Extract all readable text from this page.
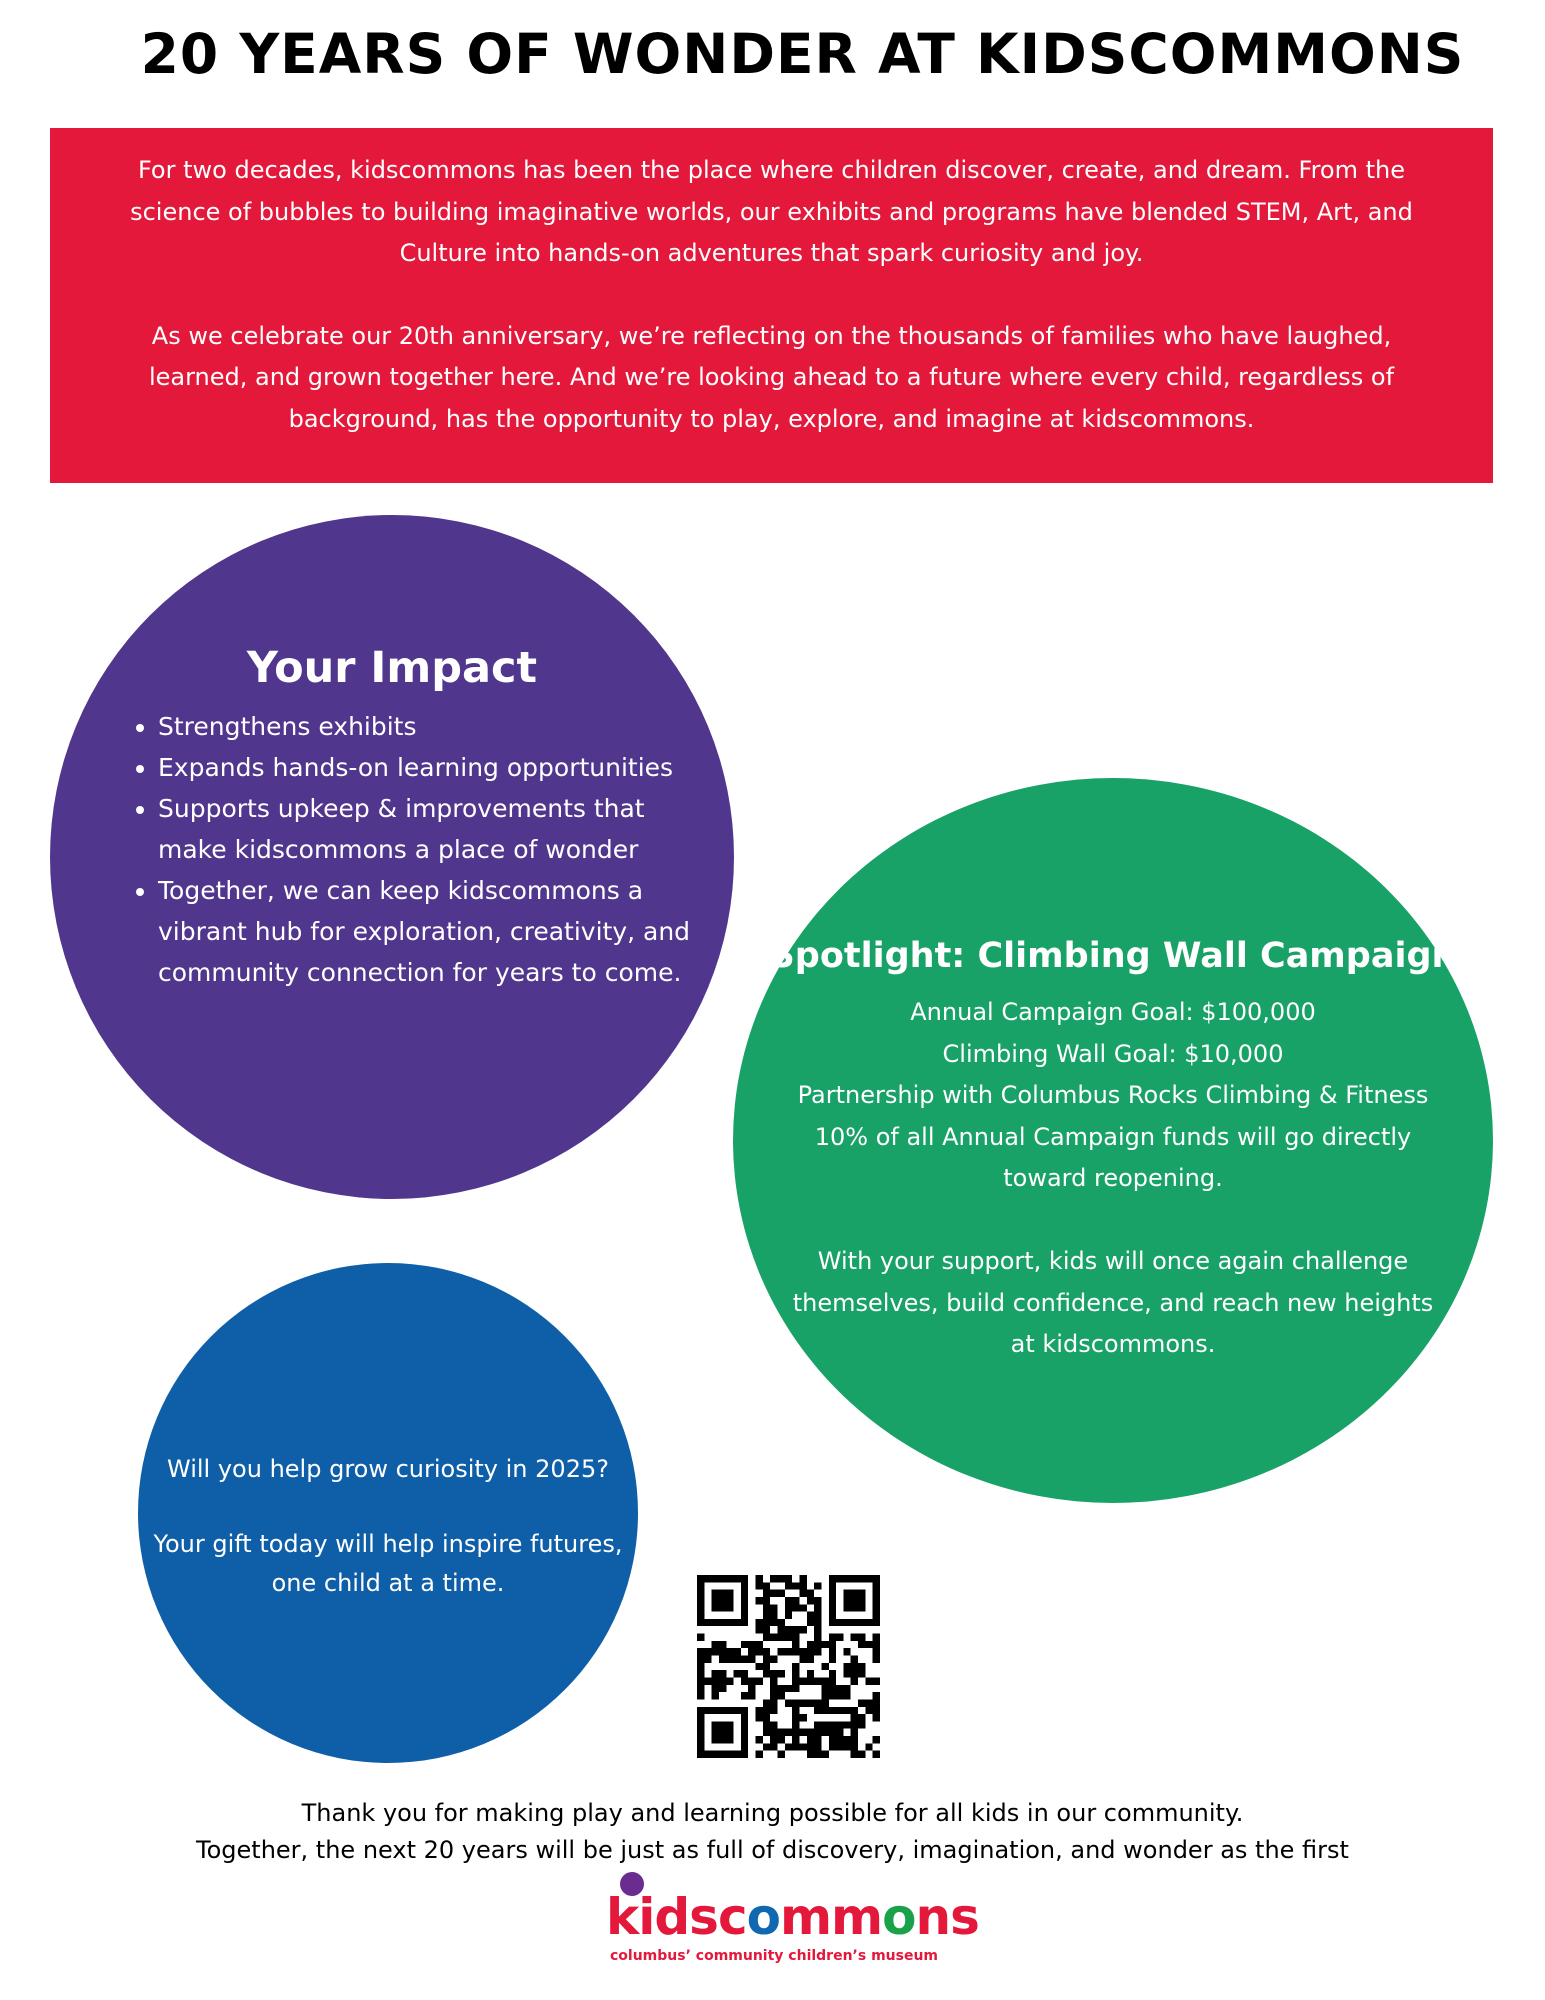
20 YEARS OF WONDER AT KIDSCOMMONS

For two decades, kidscommons has been the place where children discover, create, and dream. From the science of bubbles to building imaginative worlds, our exhibits and programs have blended STEM, Art, and Culture into hands-on adventures that spark curiosity and joy.

As we celebrate our 20th anniversary, we’re reflecting on the thousands of families who have laughed, learned, and grown together here. And we’re looking ahead to a future where every child, regardless of background, has the opportunity to play, explore, and imagine at kidscommons.

Your Impact
• Strengthens exhibits
• Expands hands-on learning opportunities
• Supports upkeep & improvements that make kidscommons a place of wonder
• Together, we can keep kidscommons a vibrant hub for exploration, creativity, and community connection for years to come.	Spotlight: Climbing Wall Campaign
Annual Campaign Goal: $100,000
Climbing Wall Goal: $10,000
Partnership with Columbus Rocks Climbing & Fitness
10% of all Annual Campaign funds will go directly toward reopening.
With your support, kids will once again challenge themselves, build confidence, and reach new heights at kidscommons.
Will you help grow curiosity in 2025?
Your gift today will help inspire futures, one child at a time.
Thank you for making play and learning possible for all kids in our community.
Together, the next 20 years will be just as full of discovery, imagination, and wonder as the first
kidscommons
columbus’ community children’s museum
